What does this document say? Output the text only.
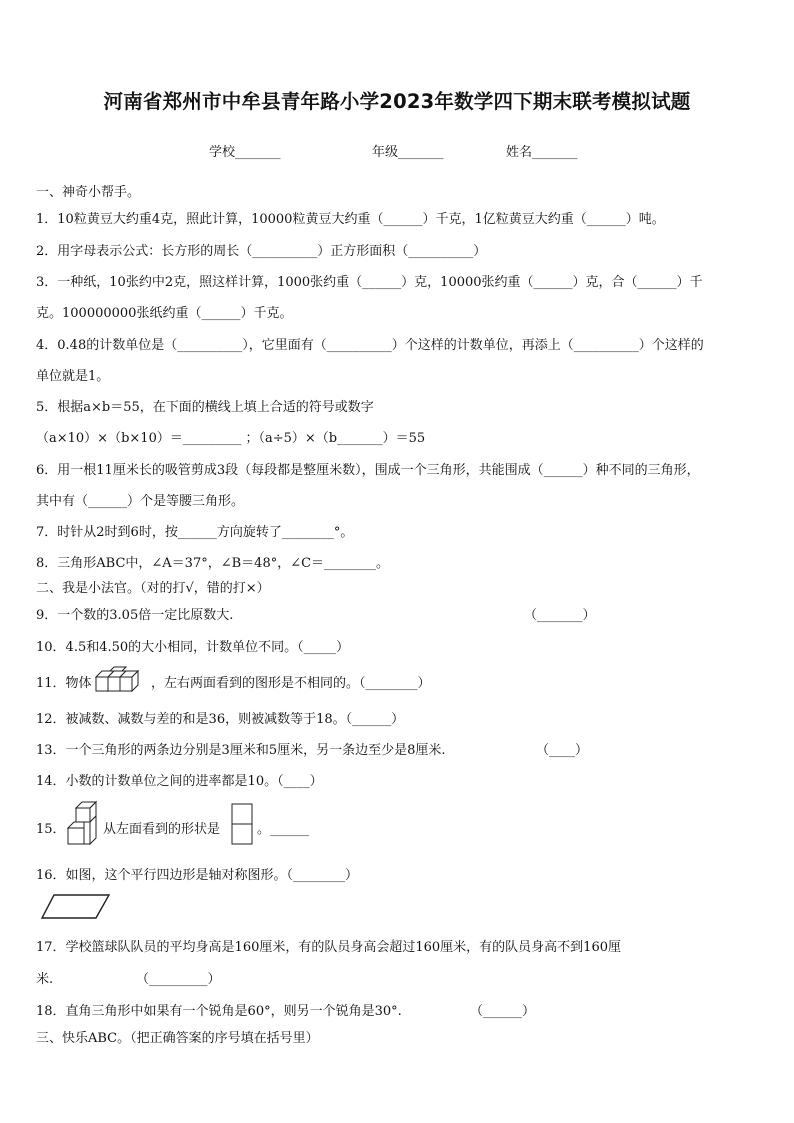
河南省郑州市中牟县青年路小学2023年数学四下期末联考模拟试题
学校_______	年级_______	姓名_______
一、神奇小帮手。
1．10粒黄豆大约重4克，照此计算，10000粒黄豆大约重（______）千克，1亿粒黄豆大约重（______）吨。
2．用字母表示公式：长方形的周长（__________）正方形面积（__________）
3．一种纸，10张约中2克，照这样计算，1000张约重（______）克，10000张约重（______）克，合（______）千
克。100000000张纸约重（______）千克。
4．0.48的计数单位是（__________），它里面有（__________）个这样的计数单位，再添上（__________）个这样的
单位就是1。
5．根据a×b＝55，在下面的横线上填上合适的符号或数字
（a×10）×（b×10）＝_________ ；（a÷5）×（b_______）＝55
6．用一根11厘米长的吸管剪成3段（每段都是整厘米数），围成一个三角形，共能围成（______）种不同的三角形，
其中有（______）个是等腰三角形。
7．时针从2时到6时，按______方向旋转了________°。
8．三角形ABC中，∠A＝37°，∠B＝48°，∠C＝________。
二、我是小法官。（对的打√，错的打×）
9．一个数的3.05倍一定比原数大.	（_______）
10．4.5和4.50的大小相同，计数单位不同。（_____）
11．物体	，左右两面看到的图形是不相同的。（________）
12．被减数、减数与差的和是36，则被减数等于18。（______）
13．一个三角形的两条边分别是3厘米和5厘米，另一条边至少是8厘米.	（____）
14．小数的计数单位之间的进率都是10。（____）
15．	从左面看到的形状是	。______
16．如图，这个平行四边形是轴对称图形。（________）
17．学校篮球队队员的平均身高是160厘米，有的队员身高会超过160厘米，有的队员身高不到160厘
米.	（_________）
18．直角三角形中如果有一个锐角是60°，则另一个锐角是30°.	（______）
三、快乐ABC。（把正确答案的序号填在括号里）
